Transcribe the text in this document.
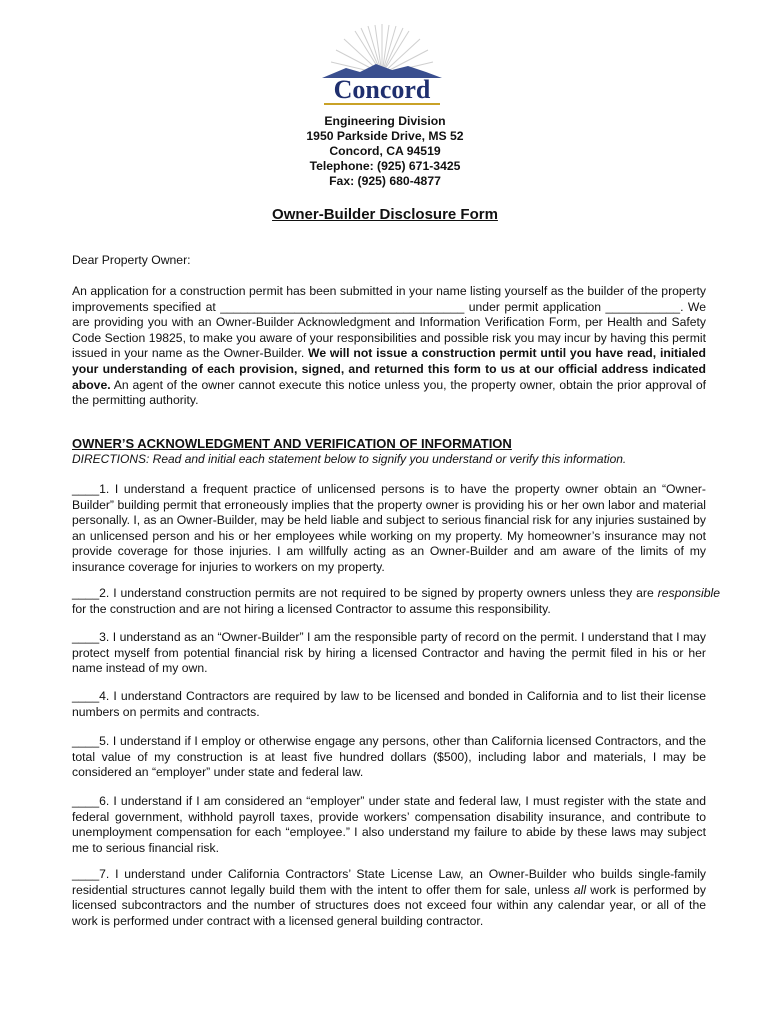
Concord
Engineering Division
1950 Parkside Drive, MS 52
Concord, CA 94519
Telephone: (925) 671-3425
Fax: (925) 680-4877
Owner-Builder Disclosure Form
Dear Property Owner:
An application for a construction permit has been submitted in your name listing yourself as the builder of the property improvements specified at ____________________________________ under permit application ___________. We are providing you with an Owner-Builder Acknowledgment and Information Verification Form, per Health and Safety Code Section 19825, to make you aware of your responsibilities and possible risk you may incur by having this permit issued in your name as the Owner-Builder. We will not issue a construction permit until you have read, initialed your understanding of each provision, signed, and returned this form to us at our official address indicated above. An agent of the owner cannot execute this notice unless you, the property owner, obtain the prior approval of the permitting authority.
OWNER’S ACKNOWLEDGMENT AND VERIFICATION OF INFORMATION
DIRECTIONS: Read and initial each statement below to signify you understand or verify this information.
____1. I understand a frequent practice of unlicensed persons is to have the property owner obtain an “Owner-Builder” building permit that erroneously implies that the property owner is providing his or her own labor and material personally. I, as an Owner-Builder, may be held liable and subject to serious financial risk for any injuries sustained by an unlicensed person and his or her employees while working on my property. My homeowner’s insurance may not provide coverage for those injuries. I am willfully acting as an Owner-Builder and am aware of the limits of my insurance coverage for injuries to workers on my property.
____2. I understand construction permits are not required to be signed by property owners unless they are responsible for the construction and are not hiring a licensed Contractor to assume this responsibility.
____3. I understand as an “Owner-Builder” I am the responsible party of record on the permit. I understand that I may protect myself from potential financial risk by hiring a licensed Contractor and having the permit filed in his or her name instead of my own.
____4. I understand Contractors are required by law to be licensed and bonded in California and to list their license numbers on permits and contracts.
____5. I understand if I employ or otherwise engage any persons, other than California licensed Contractors, and the total value of my construction is at least five hundred dollars ($500), including labor and materials, I may be considered an “employer” under state and federal law.
____6. I understand if I am considered an “employer” under state and federal law, I must register with the state and federal government, withhold payroll taxes, provide workers’ compensation disability insurance, and contribute to unemployment compensation for each “employee.” I also understand my failure to abide by these laws may subject me to serious financial risk.
____7. I understand under California Contractors’ State License Law, an Owner-Builder who builds single-family residential structures cannot legally build them with the intent to offer them for sale, unless all work is performed by licensed subcontractors and the number of structures does not exceed four within any calendar year, or all of the work is performed under contract with a licensed general building contractor.
